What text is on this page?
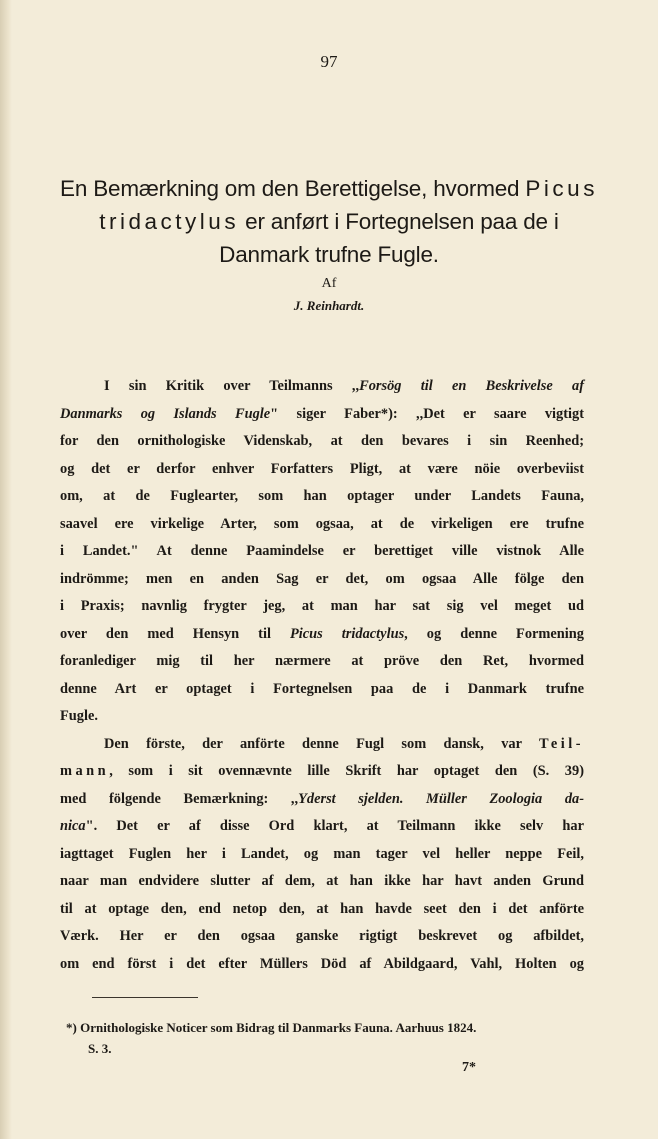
97
En Bemærkning om den Berettigelse, hvormed Picus
tridactylus er anført i Fortegnelsen paa de i
Danmark trufne Fugle.
Af
J. Reinhardt.
I sin Kritik over Teilmanns ,,Forsög til en Beskrivelse af
Danmarks og Islands Fugle" siger Faber*): ,,Det er saare vigtigt
for den ornithologiske Videnskab, at den bevares i sin Reenhed;
og det er derfor enhver Forfatters Pligt, at være nöie overbeviist
om, at de Fuglearter, som han optager under Landets Fauna,
saavel ere virkelige Arter, som ogsaa, at de virkeligen ere trufne
i Landet." At denne Paamindelse er berettiget ville vistnok Alle
indrömme; men en anden Sag er det, om ogsaa Alle fölge den
i Praxis; navnlig frygter jeg, at man har sat sig vel meget ud
over den med Hensyn til Picus tridactylus, og denne Formening
foranlediger mig til her nærmere at pröve den Ret, hvormed
denne Art er optaget i Fortegnelsen paa de i Danmark trufne
Fugle.
Den förste, der anförte denne Fugl som dansk, var Teil-
mann, som i sit ovennævnte lille Skrift har optaget den (S. 39)
med fölgende Bemærkning: ,,Yderst sjelden. Müller Zoologia da-
nica". Det er af disse Ord klart, at Teilmann ikke selv har
iagttaget Fuglen her i Landet, og man tager vel heller neppe Feil,
naar man endvidere slutter af dem, at han ikke har havt anden Grund
til at optage den, end netop den, at han havde seet den i det anförte
Værk. Her er den ogsaa ganske rigtigt beskrevet og afbildet,
om end först i det efter Müllers Död af Abildgaard, Vahl, Holten og
*) Ornithologiske Noticer som Bidrag til Danmarks Fauna. Aarhuus 1824.
S. 3.
7*
